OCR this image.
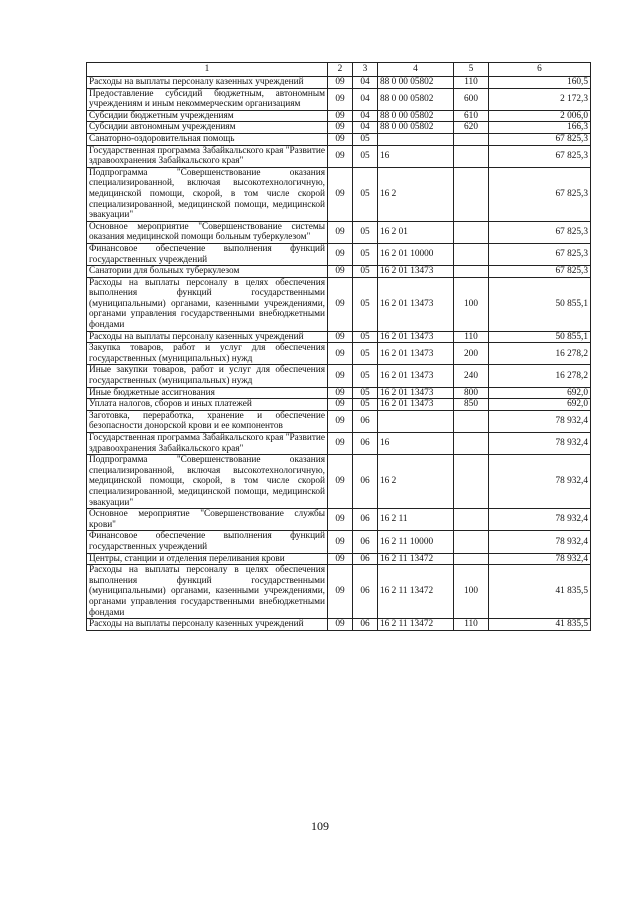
1	2	3	4	5	6
Расходы на выплаты персоналу казенных учреждений	09	04	88 0 00 05802	110	160,5
Предоставление субсидий бюджетным, автономным учреждениям и иным некоммерческим организациям	09	04	88 0 00 05802	600	2 172,3
Субсидии бюджетным учреждениям	09	04	88 0 00 05802	610	2 006,0
Субсидии автономным учреждениям	09	04	88 0 00 05802	620	166,3
Санаторно-оздоровительная помощь	09	05			67 825,3
Государственная программа Забайкальского края "Развитие здравоохранения Забайкальского края"	09	05	16		67 825,3
Подпрограмма "Совершенствование оказания специализированной, включая высокотехнологичную, медицинской помощи, скорой, в том числе скорой специализированной, медицинской помощи, медицинской эвакуации"	09	05	16 2		67 825,3
Основное мероприятие "Совершенствование системы оказания медицинской помощи больным туберкулезом"	09	05	16 2 01		67 825,3
Финансовое обеспечение выполнения функций государственных учреждений	09	05	16 2 01 10000		67 825,3
Санатории для больных туберкулезом	09	05	16 2 01 13473		67 825,3
Расходы на выплаты персоналу в целях обеспечения выполнения функций государственными (муниципальными) органами, казенными учреждениями, органами управления государственными внебюджетными фондами	09	05	16 2 01 13473	100	50 855,1
Расходы на выплаты персоналу казенных учреждений	09	05	16 2 01 13473	110	50 855,1
Закупка товаров, работ и услуг для обеспечения государственных (муниципальных) нужд	09	05	16 2 01 13473	200	16 278,2
Иные закупки товаров, работ и услуг для обеспечения государственных (муниципальных) нужд	09	05	16 2 01 13473	240	16 278,2
Иные бюджетные ассигнования	09	05	16 2 01 13473	800	692,0
Уплата налогов, сборов и иных платежей	09	05	16 2 01 13473	850	692,0
Заготовка, переработка, хранение и обеспечение безопасности донорской крови и ее компонентов	09	06			78 932,4
Государственная программа Забайкальского края "Развитие здравоохранения Забайкальского края"	09	06	16		78 932,4
Подпрограмма "Совершенствование оказания специализированной, включая высокотехнологичную, медицинской помощи, скорой, в том числе скорой специализированной, медицинской помощи, медицинской эвакуации"	09	06	16 2		78 932,4
Основное мероприятие "Совершенствование службы крови"	09	06	16 2 11		78 932,4
Финансовое обеспечение выполнения функций государственных учреждений	09	06	16 2 11 10000		78 932,4
Центры, станции и отделения переливания крови	09	06	16 2 11 13472		78 932,4
Расходы на выплаты персоналу в целях обеспечения выполнения функций государственными (муниципальными) органами, казенными учреждениями, органами управления государственными внебюджетными фондами	09	06	16 2 11 13472	100	41 835,5
Расходы на выплаты персоналу казенных учреждений	09	06	16 2 11 13472	110	41 835,5
109
